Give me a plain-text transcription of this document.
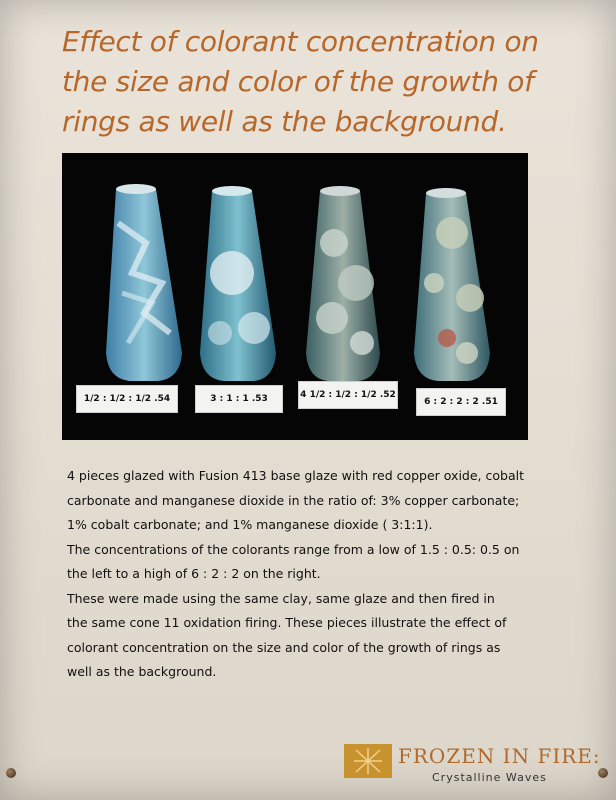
Effect of colorant concentration on
the size and color of the growth of
rings as well as the background.
1/2 : 1/2 : 1/2 .54	3 : 1 : 1 .53	4 1/2 : 1/2 : 1/2 .52
6 : 2 : 2 : 2 .51
4 pieces glazed with Fusion 413 base glaze with red copper oxide, cobalt
carbonate and manganese dioxide in the ratio of: 3% copper carbonate;
1% cobalt carbonate; and 1% manganese dioxide ( 3:1:1).
The concentrations of the colorants range from a low of 1.5 : 0.5: 0.5 on
the left to a high of 6 : 2 : 2 on the right.
These were made using the same clay, same glaze and then fired in
the same cone 11 oxidation firing. These pieces illustrate the effect of
colorant concentration on the size and color of the growth of rings as
well as the background.
FROZEN IN FIRE:
Crystalline Waves
